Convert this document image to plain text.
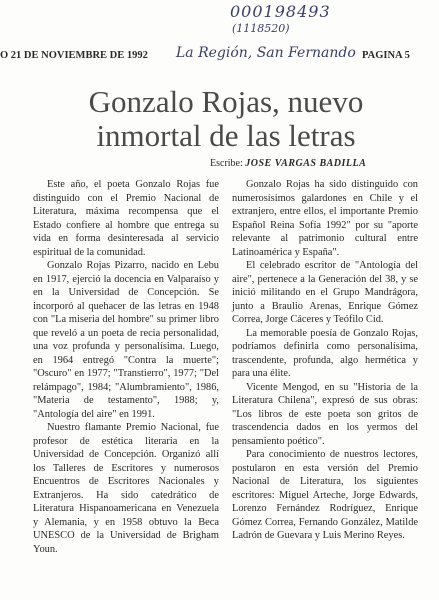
000198493
(1118520)
La Región, San Fernando
O 21 DE NOVIEMBRE DE 1992	PAGINA 5
Gonzalo Rojas, nuevo inmortal de las letras
Escribe: JOSE VARGAS BADILLA

Este año, el poeta Gonzalo Rojas fue distinguido con el Premio Nacional de Literatura, máxima recompensa que el Estado confiere al hombre que entrega su vida en forma desinteresada al servicio espiritual de la comunidad.

Gonzalo Rojas Pizarro, nacido en Lebu en 1917, ejerció la docencia en Valparaíso y en la Universidad de Concepción. Se incorporó al quehacer de las letras en 1948 con "La miseria del hombre" su primer libro que reveló a un poeta de recia personalidad, una voz profunda y personalísima. Luego, en 1964 entregó "Contra la muerte"; "Oscuro" en 1977; "Transtierro", 1977; "Del relámpago", 1984; "Alumbramiento", 1986, "Materia de testamento", 1988; y, "Antología del aire" en 1991.

Nuestro flamante Premio Nacional, fue profesor de estética literaria en la Universidad de Concepción. Organizó allí los Talleres de Escritores y numerosos Encuentros de Escritores Nacionales y Extranjeros. Ha sido catedrático de Literatura Hispanoamericana en Venezuela y Alemania, y en 1958 obtuvo la Beca UNESCO de la Universidad de Brigham Youn.

Gonzalo Rojas ha sido distinguido con numerosísimos galardones en Chile y el extranjero, entre ellos, el importante Premio Español Reina Sofía 1992" por su "aporte relevante al patrimonio cultural entre Latinoamérica y España".

El celebrado escritor de "Antología del aire", pertenece a la Generación del 38, y se inició militando en el Grupo Mandrágora, junto a Braulio Arenas, Enrique Gómez Correa, Jorge Cáceres y Teófilo Cid.

La memorable poesía de Gonzalo Rojas, podríamos definirla como personalísima, trascendente, profunda, algo hermética y para una élite.

Vicente Mengod, en su "Historia de la Literatura Chilena", expresó de sus obras: "Los libros de este poeta son gritos de trascendencia dados en los yermos del pensamiento poético".

Para conocimiento de nuestros lectores, postularon en esta versión del Premio Nacional de Literatura, los siguientes escritores: Miguel Arteche, Jorge Edwards, Lorenzo Fernández Rodríguez, Enrique Gómez Correa, Fernando González, Matilde Ladrón de Guevara y Luis Merino Reyes.
